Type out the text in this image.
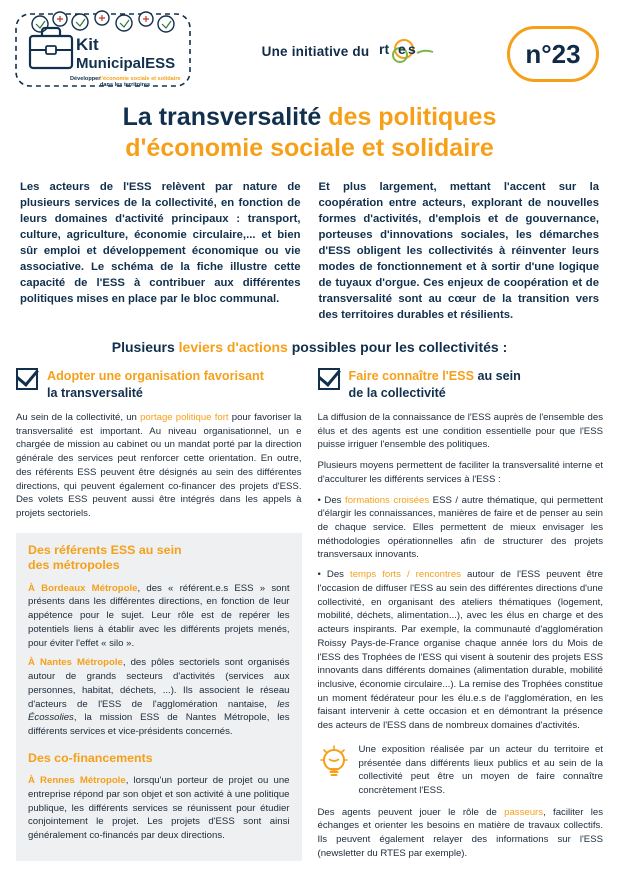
Kit
MunicipalESS
Développer l'économie sociale et solidaire
dans les territoires
Une initiative du rt e s	n°23
La transversalité des politiques
d'économie sociale et solidaire
Les acteurs de l'ESS relèvent par nature de plusieurs services de la collectivité, en fonction de leurs domaines d'activité principaux : transport, culture, agriculture, économie circulaire,... et bien sûr emploi et développement économique ou vie associative. Le schéma de la fiche illustre cette capacité de l'ESS à contribuer aux différentes politiques mises en place par le bloc communal.
Et plus largement, mettant l'accent sur la coopération entre acteurs, explorant de nouvelles formes d'activités, d'emplois et de gouvernance, porteuses d'innovations sociales, les démarches d'ESS obligent les collectivités à réinventer leurs modes de fonctionnement et à sortir d'une logique de tuyaux d'orgue. Ces enjeux de coopération et de transversalité sont au cœur de la transition vers des territoires durables et résilients.
Plusieurs leviers d'actions possibles pour les collectivités :
Adopter une organisation favorisant
la transversalité

Au sein de la collectivité, un portage politique fort pour favoriser la transversalité est important. Au niveau organisationnel, un e chargée de mission au cabinet ou un mandat porté par la direction générale des services peut renforcer cette orientation. En outre, des référents ESS peuvent être désignés au sein des différentes directions, qui peuvent également co-financer des projets d'ESS. Des volets ESS peuvent aussi être intégrés dans les appels à projets sectoriels.

Des référents ESS au sein
des métropoles

À Bordeaux Métropole, des « référent.e.s ESS » sont présents dans les différentes directions, en fonction de leur appétence pour le sujet. Leur rôle est de repérer les potentiels liens à établir avec les différents projets menés, pour éviter l'effet « silo ».

À Nantes Métropole, des pôles sectoriels sont organisés autour de grands secteurs d'activités (services aux personnes, habitat, déchets, ...). Ils associent le réseau d'acteurs de l'ESS de l'agglomération nantaise, les Écossolies, la mission ESS de Nantes Métropole, les différents services et vice-présidents concernés.

Des co-financements

À Rennes Métropole, lorsqu'un porteur de projet ou une entreprise répond par son objet et son activité à une politique publique, les différents services se réunissent pour étudier conjointement le projet. Les projets d'ESS sont ainsi généralement co-financés par deux directions.

Faire connaître l'ESS au sein
de la collectivité

La diffusion de la connaissance de l'ESS auprès de l'ensemble des élus et des agents est une condition essentielle pour que l'ESS puisse irriguer l'ensemble des politiques.

Plusieurs moyens permettent de faciliter la transversalité interne et d'acculturer les différents services à l'ESS :

• Des formations croisées ESS / autre thématique, qui permettent d'élargir les connaissances, manières de faire et de penser au sein de chaque service. Elles permettent de mieux envisager les méthodologies opérationnelles afin de structurer des projets transversaux innovants.
• Des temps forts / rencontres autour de l'ESS peuvent être l'occasion de diffuser l'ESS au sein des différentes directions d'une collectivité, en organisant des ateliers thématiques (logement, mobilité, déchets, alimentation...), avec les élus en charge et des acteurs inspirants. Par exemple, la communauté d'agglomération Roissy Pays-de-France organise chaque année lors du Mois de l'ESS des Trophées de l'ESS qui visent à soutenir des projets ESS innovants dans différents domaines (alimentation durable, mobilité inclusive, économie circulaire...). La remise des Trophées constitue un moment fédérateur pour les élu.e.s de l'agglomération, en les faisant intervenir à cette occasion et en démontrant la présence des acteurs de l'ESS dans de nombreux domaines d'activités.
Une exposition réalisée par un acteur du territoire et présentée dans différents lieux publics et au sein de la collectivité peut être un moyen de faire connaître concrètement l'ESS.

Des agents peuvent jouer le rôle de passeurs, faciliter les échanges et orienter les besoins en matière de travaux collectifs. Ils peuvent également relayer des informations sur l'ESS (newsletter du RTES par exemple).
